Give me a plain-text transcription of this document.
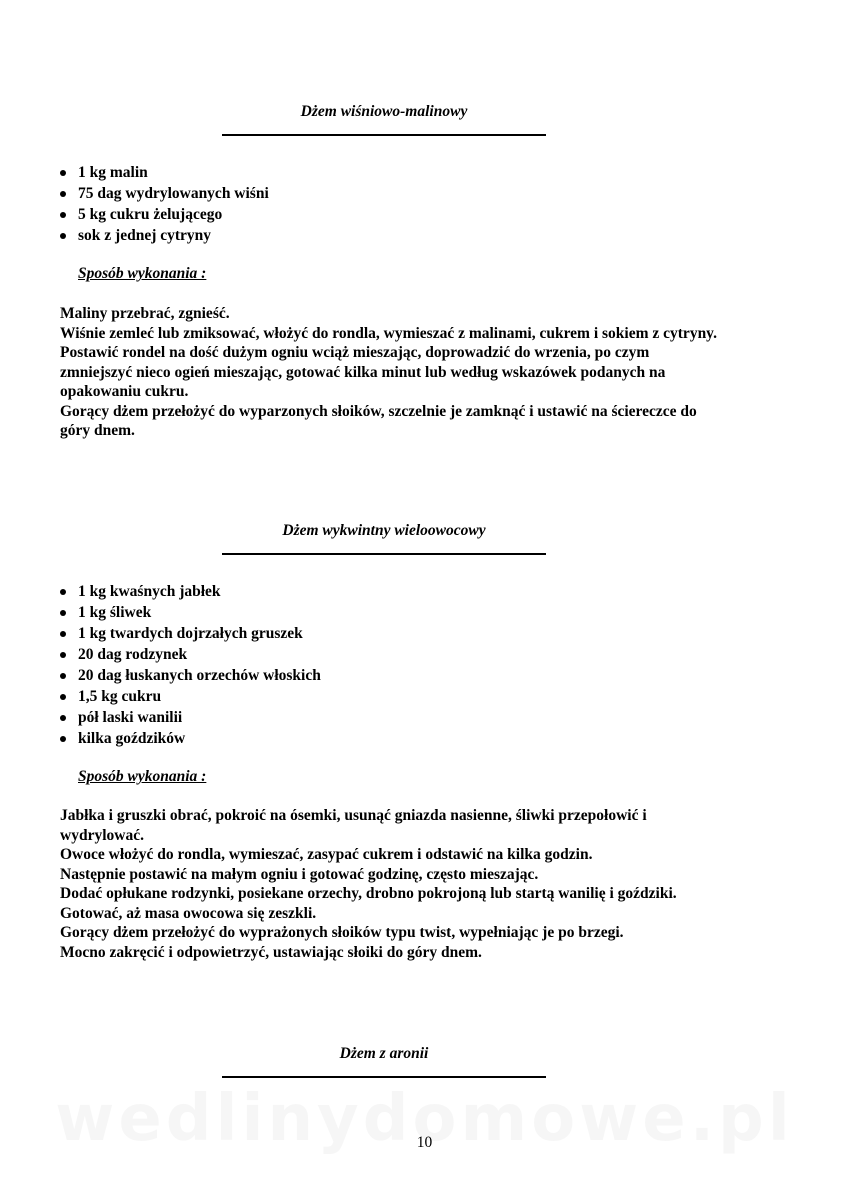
Dżem wiśniowo-malinowy
1 kg malin
75 dag wydrylowanych wiśni
5 kg cukru żelującego
sok z jednej cytryny
Sposób wykonania :

Maliny przebrać, zgnieść.

Wiśnie zemleć lub zmiksować, włożyć do rondla, wymieszać z malinami, cukrem i sokiem z cytryny.

Postawić rondel na dość dużym ogniu wciąż mieszając, doprowadzić do wrzenia, po czym zmniejszyć nieco ogień mieszając, gotować kilka minut lub według wskazówek podanych na opakowaniu cukru.

Gorący dżem przełożyć do wyparzonych słoików, szczelnie je zamknąć i ustawić na ściereczce do góry dnem.

Dżem wykwintny wieloowocowy
1 kg kwaśnych jabłek
1 kg śliwek
1 kg twardych dojrzałych gruszek
20 dag rodzynek
20 dag łuskanych orzechów włoskich
1,5 kg cukru
pół laski wanilii
kilka goździków
Sposób wykonania :

Jabłka i gruszki obrać, pokroić na ósemki, usunąć gniazda nasienne, śliwki przepołowić i wydrylować.

Owoce włożyć do rondla, wymieszać, zasypać cukrem i odstawić na kilka godzin.

Następnie postawić na małym ogniu i gotować godzinę, często mieszając.

Dodać opłukane rodzynki, posiekane orzechy, drobno pokrojoną lub startą wanilię i goździki.

Gotować, aż masa owocowa się zeszkli.

Gorący dżem przełożyć do wyprażonych słoików typu twist, wypełniając je po brzegi.

Mocno zakręcić i odpowietrzyć, ustawiając słoiki do góry dnem.

Dżem z aronii
10
